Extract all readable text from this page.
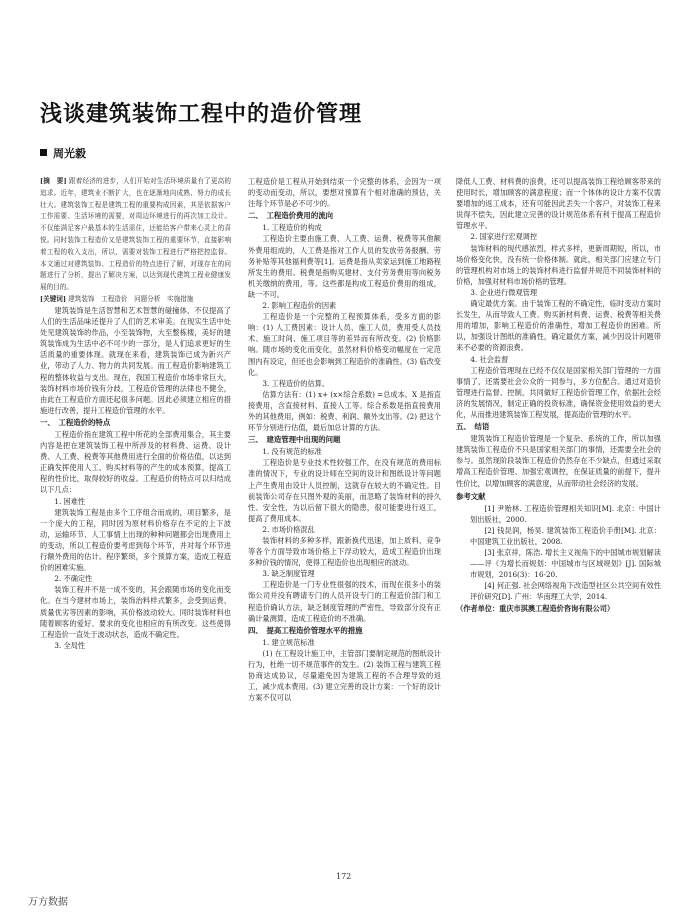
浅谈建筑装饰工程中的造价管理
周光毅

[摘　要] 跟着经济的进步，人们开始对生活环境质量有了更高的追求。近年，建筑业不断扩大，也在逐渐地向成熟、努力的成长壮大。建筑装饰工程是建筑工程的重要构成因素，其是依据客户工作需要、生活环境的需要，对周边环境进行的再次加工设计。不仅能满足客户最基本的生活需住，还能给客户带来心灵上的喜悦。同时装饰工程造价又是建筑装饰工程的重要环节，直接影响着工程的收入支出，所以，需要对装饰工程进行严格把控监督。本文通过对建筑装饰、工程造价的特点进行了解，对现存在的问题进行了分析，提出了解决方案，以达到现代建筑工程业健康发展的目的。

[关键词] 建筑装饰　工程造价　问题分析　实施措施

建筑装饰是生活智慧和艺术智慧的碰撞体，不仅提高了人们的生活品味还提升了人们的艺术审美。在现实生活中处处见建筑装饰的作品，小至装饰物，大至整栋楼，美好的建筑装饰成为生活中必不可少的一部分，是人们追求更好的生活质量的重要体现。就现在来看，建筑装饰已成为新兴产业，带动了人力、物力的共同发展。而工程造价影响建筑工程的整体收益与支出。现在，我国工程造价市场非常巨大，装饰材料市场价钱有分歧，工程造价管理的法律也不健全，由此在工程造价方面还起很多问题。因此必须建立相应的措施进行改善，提升工程造价管理的水平。

一、　工程造价的特点

工程造价指在建筑工程中所花的全部费用集合，其主要内容是把在建筑装饰工程中所涉及的材料费、运费、设计费、人工费、税费等其他费用进行全面的价格估值，以达到正确发挥使用人工、购买材料等的产生的成本预算，提高工程的性价比，取得较好的收益。工程造价的特点可以归结成以下几点：

1. 困难性

建筑装饰工程是由多个工序组合而成的，项目繁多，是一个庞大的工程，同时因为原材料价格存在不定的上下波动，运输环节、人工事情上出现的种种问题都会出现费用上的变动，所以工程造价要考虑到每个环节，并对每个环节进行额外费用的估计。程序繁琐，多个预算方案，造成工程造价的困难实施。

2. 不确定性

装饰工程并不是一成不变的，其会跟随市场的变化而变化。在当今建材市场上，装饰治料样式繁多，会受到运费、质量优劣等因素的影响，其价格波动较大。同时装饰材料也随着顾客的爱好、要求的变化也相应的有所改变。这些使得工程造价一直处于波动状态，造成不确定性。

3. 全局性

工程造价是工程从开始到结束一个完整的体系，会因为一项的变动而变动，所以，要想对预算有个相对准确的预估，关注每个环节是必不可少的。

二、　工程造价费用的流向
1. 工程造价的构成

工程造价主要由施工费、人工费、运费、税费等其他额外费用组成的，人工费是指对工作人员的发放劳务报酬、劳务补贴等其他福利费等[1]。运费是指从卖家运到施工地路程所发生的费用。税费是指购买建材、支付劳务费用等向税务机关缴纳的费用，等。这些都是构成工程造价费用的组成，缺一不可。

2. 影响工程造价的因素

工程造价是一个完整的工程预算体系，受多方面的影响：(1) 人工费因素：设计人员、施工人员，费用受人员技术、施工时间、施工项目等的差异而有所改变。(2) 价格影响。随市场的变化而变化，虽然材料价格变动幅度在一定范围内有设定，但还也会影响到工程造价的准确性。(3) 临改变化。

3. 工程造价的估算。

估算方法有：(1) x+ (x×综合系数) =总成本。X 是指直接费用，含直接材料、直接人工等。综合系数是指直接费用外的其他费用，例如：税费、利润、额外支出等。(2) 把这个环节分别进行估值，最后加总计算的方法。

三、　建造管理中出现的问题
1. 没有规范的标准

工程造价是专业技术性较强工作，在没有规范的费用标准的情况下，专业的设计师在空间的设计和图纸设计等问题上产生费用由设计人员控制，这就存在较大的不确定性。目前装饰公司存在只图外观的美丽，而忽略了装饰材料的持久性、安全性，为以后留下很大的隐患，很可能要进行返工，提高了费用成本。

2. 市场价格混乱

装饰材料的多种多样，跟新换代迅速，加上质料、竞争等各个方面导致市场价格上下浮动较大，造成工程造价出现多种价钱的情况，使得工程造价也出现相应的波动。

3. 缺乏制度管理

工程造价是一门专业性很强的技术，而现在很多小的装饰公司并没有聘请专门的人员开设专门的工程造价部门和工程造价确认方法，缺乏制度管理的严密性，导致部分没有正确计量测算，造成工程造价的不准确。

四、　提高工程造价管理水平的措施
1. 建立规范标准

(1) 在工程设计施工中，主管部门要制定规范的图纸设计行为，杜绝一切不规范事件的发生。(2) 装饰工程与建筑工程协商达成协议，尽量避免因为建筑工程的不合理导致的返工，减少成本费用。(3) 建立完善的设计方案：一个好的设计方案不仅可以

降低人工费、材料费的浪费，还可以提高装饰工程给顾客带来的使用时长，增加顾客的满意程度；而一个体体的设计方案不仅需要增加的返工成本，还有可能因此丢失一个客户，对装饰工程来说得不偿失，因此建立完善的设计规范体系有利于提高工程造价管理水平。

2. 国家进行宏观调控

装饰材料的现代感浓烈，样式多样，更新周期短，所以，市场价格变化快，没有统一价格体制。就此，相关部门应建立专门的管理机构对市场上的装饰材料进行监督并规范不同装饰材料的价格，加强对材料市场价格的管理。

3. 企业进行微观管理

确定最优方案。由于装饰工程的不确定性，临时变动方案时长发生，从而导致人工费、购买新材料费、运费、税费等相关费用的增加，影响工程造价的准确性，增加工程造价的困难。所以，加强设计图纸的准确性，确定最优方案，减少因设计问题带来不必要的资源浪费。

4. 社会监督

工程造价管理现在已经不仅仅是国家相关部门管理的一方面事情了，还需要社会公众的一同参与，多方位配合。通过对造价管理进行监督、控制，共同做好工程造价管理工作，依据社会经济的发展情况，制定正确的投资标准，确保资金使用效益的更大化，从而推进建筑装饰工程发展，提高造价管理的水平。

五、　结语

建筑装饰工程造价管理是一个复杂、系统的工作，所以加强建筑装饰工程造价不只是国家相关部门的事情，还需要全社会的参与。虽然现阶段装饰工程造价仍然存在不少缺点，但通过采取增高工程造价管理、加强宏观调控，在保证质量的前提下，提升性价比，以增加顾客的满意度，从而带动社会经济的发展。

参考文献

[1] 尹贻林. 工程造价管理相关知识[M]. 北京：中国计划出版社，2000.

[2] 钱昆润，杨昊. 建筑装饰工程造价手册[M]. 北京：中国建筑工业出版社，2008.

[3] 张京祥，陈浩. 增长主义视角下的中国城市规划解读——评《为增长而规划：中国城市与区域规划》[J]. 国际城市规划，2016(3)：16-20.

[4] 何正强. 社会网络视角下改造型社区公共空间有效性评价研究[D]. 广州：华南理工大学，2014.

（作者单位：重庆市淇澳工程造价咨询有限公司）

172
万方数据
